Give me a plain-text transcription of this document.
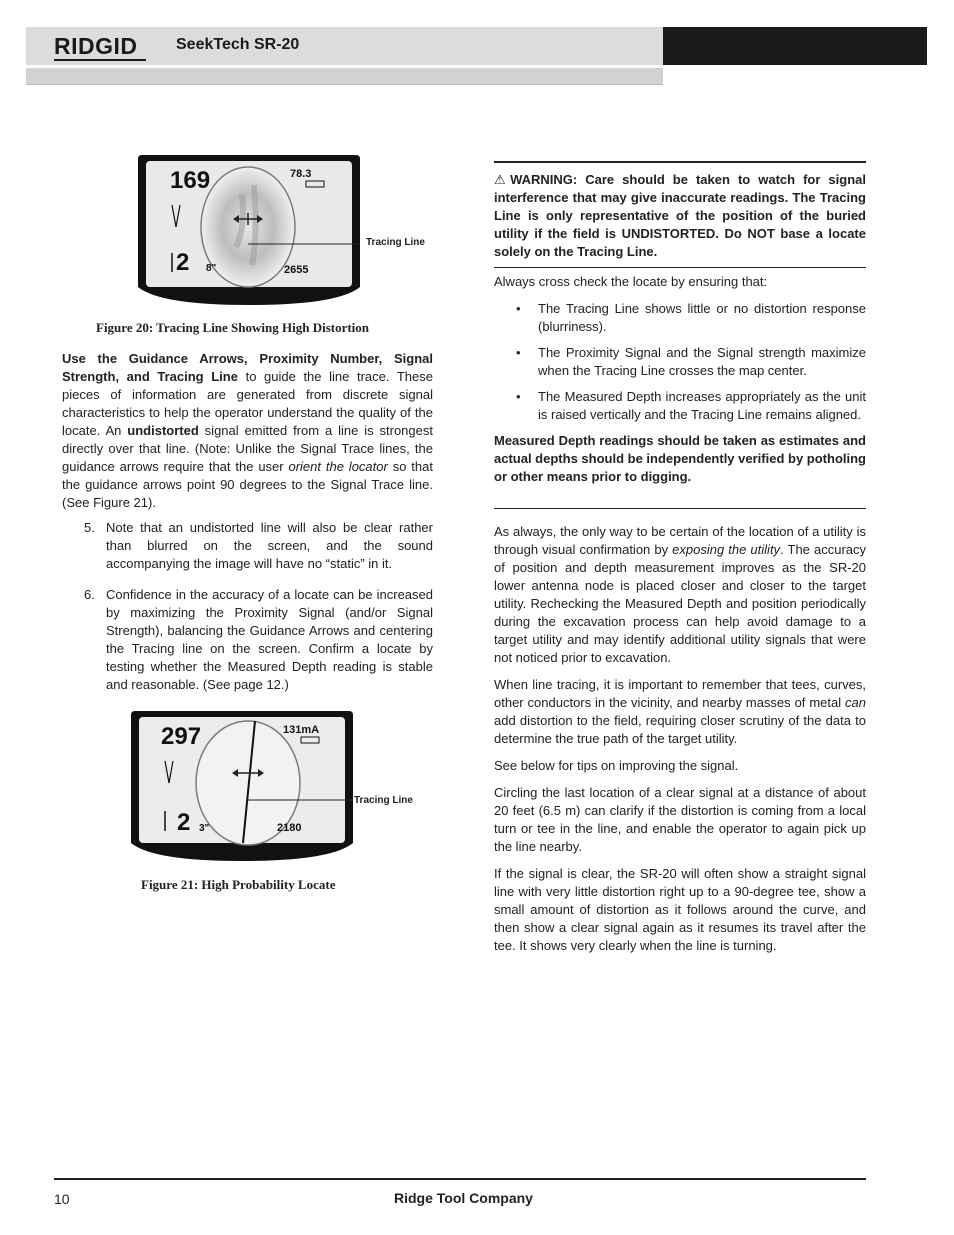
RIDGID SeekTech SR-20
169	78.3
2 8"	2655
Tracing Line
Figure 20: Tracing Line Showing High Distortion

Use the Guidance Arrows, Proximity Number, Signal Strength, and Tracing Line to guide the line trace. These pieces of information are generated from discrete signal characteristics to help the operator understand the quality of the locate. An undistorted signal emitted from a line is strongest directly over that line. (Note: Unlike the Signal Trace lines, the guidance arrows require that the user orient the locator so that the guidance arrows point 90 degrees to the Signal Trace line. (See Figure 21).

5. Note that an undistorted line will also be clear rather than blurred on the screen, and the sound accompanying the image will have no “static” in it.
6. Confidence in the accuracy of a locate can be increased by maximizing the Proximity Signal (and/or Signal Strength), balancing the Guidance Arrows and centering the Tracing line on the screen. Confirm a locate by testing whether the Measured Depth reading is stable and reasonable. (See page 12.)
297	131mA
2 3"	2180
Tracing Line
Figure 21: High Probability Locate

⚠WARNING: Care should be taken to watch for signal interference that may give inaccurate readings. The Tracing Line is only representative of the position of the buried utility if the field is UNDISTORTED. Do NOT base a locate solely on the Tracing Line.

Always cross check the locate by ensuring that:

• The Tracing Line shows little or no distortion response (blurriness).
• The Proximity Signal and the Signal strength maximize when the Tracing Line crosses the map center.
• The Measured Depth increases appropriately as the unit is raised vertically and the Tracing Line remains aligned.

Measured Depth readings should be taken as estimates and actual depths should be independently verified by potholing or other means prior to digging.

As always, the only way to be certain of the location of a utility is through visual confirmation by exposing the utility. The accuracy of position and depth measurement improves as the SR-20 lower antenna node is placed closer and closer to the target utility. Rechecking the Measured Depth and position periodically during the excavation process can help avoid damage to a target utility and may identify additional utility signals that were not noticed prior to excavation.

When line tracing, it is important to remember that tees, curves, other conductors in the vicinity, and nearby masses of metal can add distortion to the field, requiring closer scrutiny of the data to determine the true path of the target utility.

See below for tips on improving the signal.

Circling the last location of a clear signal at a distance of about 20 feet (6.5 m) can clarify if the distortion is coming from a local turn or tee in the line, and enable the operator to again pick up the line nearby.

If the signal is clear, the SR-20 will often show a straight signal line with very little distortion right up to a 90-degree tee, show a small amount of distortion as it follows around the curve, and then show a clear signal again as it resumes its travel after the tee. It shows very clearly when the line is turning.

10	Ridge Tool Company
